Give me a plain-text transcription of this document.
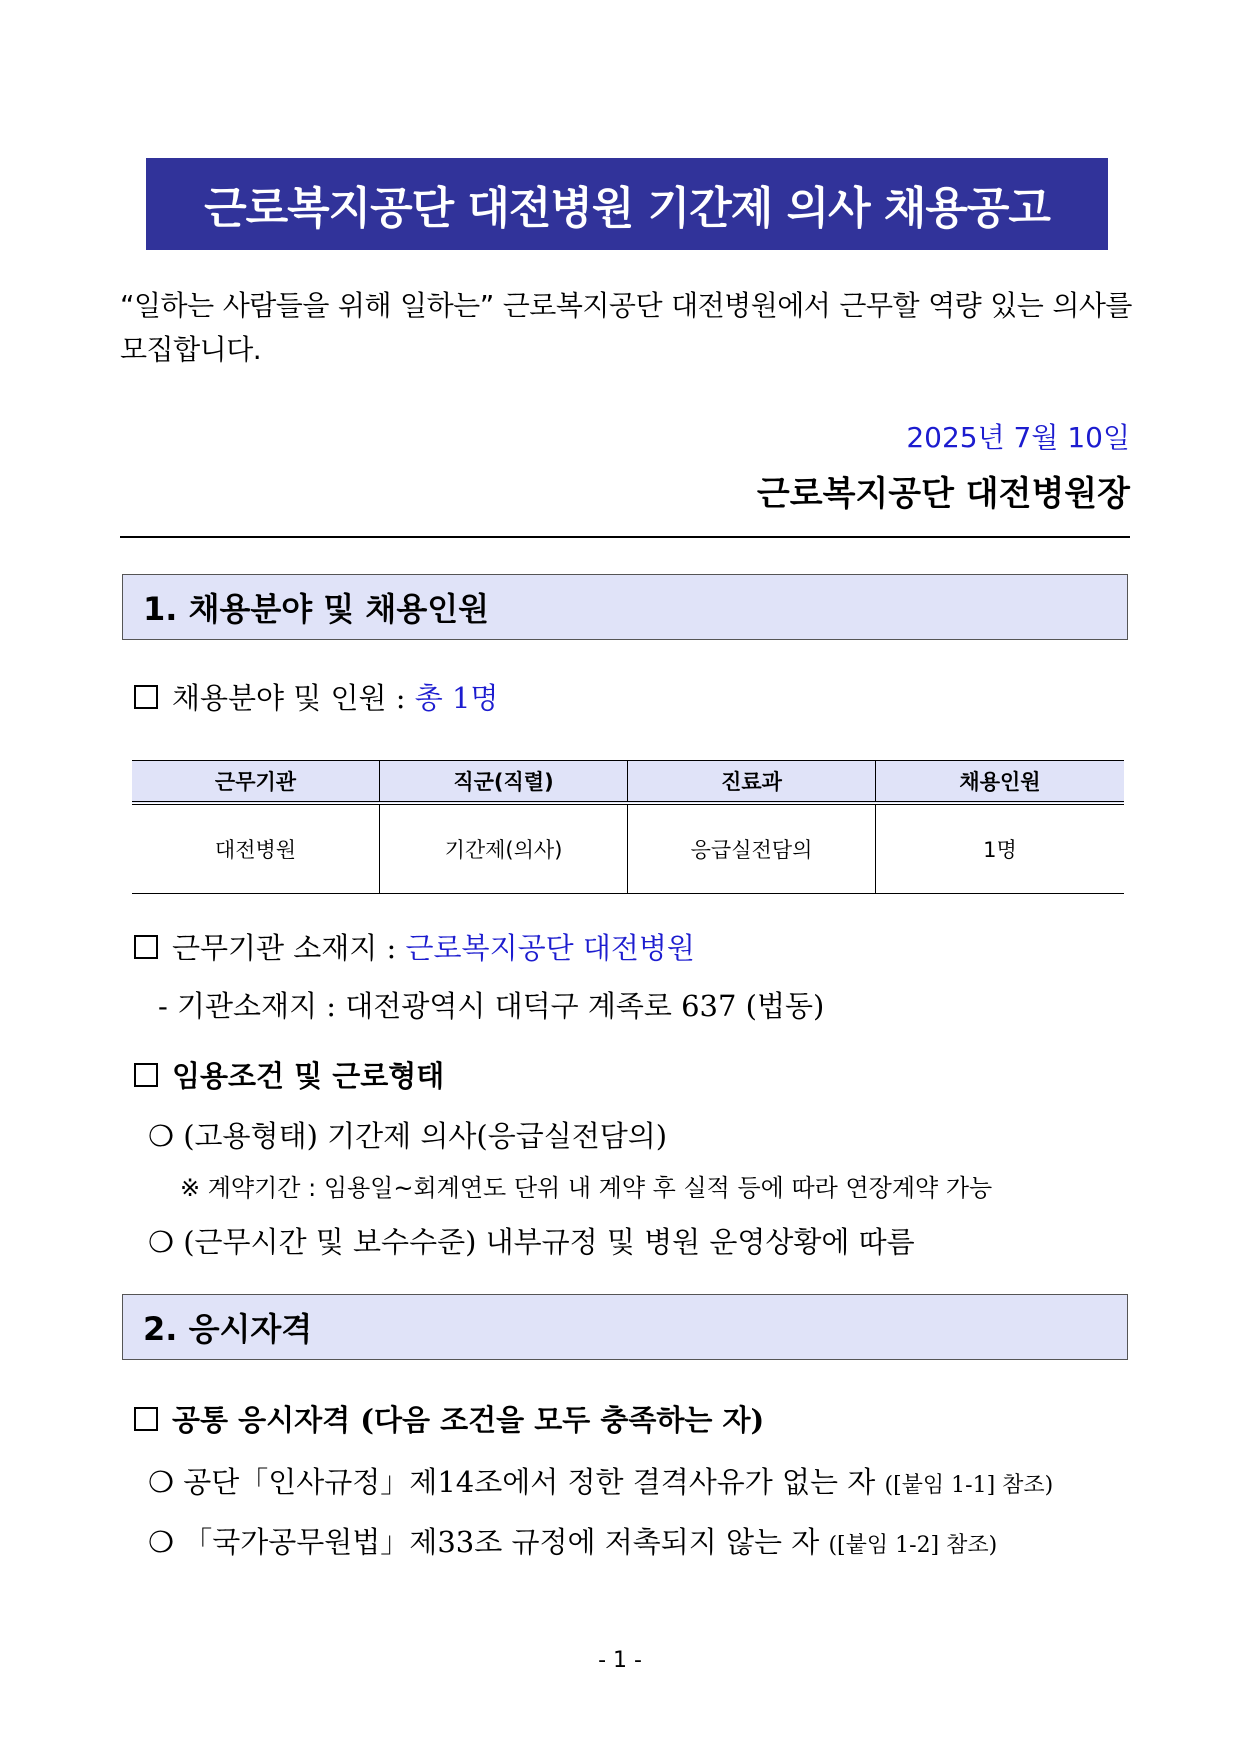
근로복지공단 대전병원 기간제 의사 채용공고
“일하는 사람들을 위해 일하는” 근로복지공단 대전병원에서 근무할 역량 있는 의사를 모집합니다.
2025년 7월 10일
근로복지공단 대전병원장
1. 채용분야 및 채용인원
채용분야 및 인원 : 총 1명
근무기관	직군(직렬)	진료과	채용인원
대전병원	기간제(의사)	응급실전담의	1명
근무기관 소재지 : 근로복지공단 대전병원
- 기관소재지 : 대전광역시 대덕구 계족로 637 (법동)
임용조건 및 근로형태
❍ (고용형태) 기간제 의사(응급실전담의)
※ 계약기간 : 임용일~회계연도 단위 내 계약 후 실적 등에 따라 연장계약 가능
❍ (근무시간 및 보수수준) 내부규정 및 병원 운영상황에 따름
2. 응시자격
공통 응시자격 (다음 조건을 모두 충족하는 자)
❍ 공단「인사규정」제14조에서 정한 결격사유가 없는 자 ([붙임 1-1] 참조)
❍ 「국가공무원법」제33조 규정에 저촉되지 않는 자 ([붙임 1-2] 참조)
- 1 -
